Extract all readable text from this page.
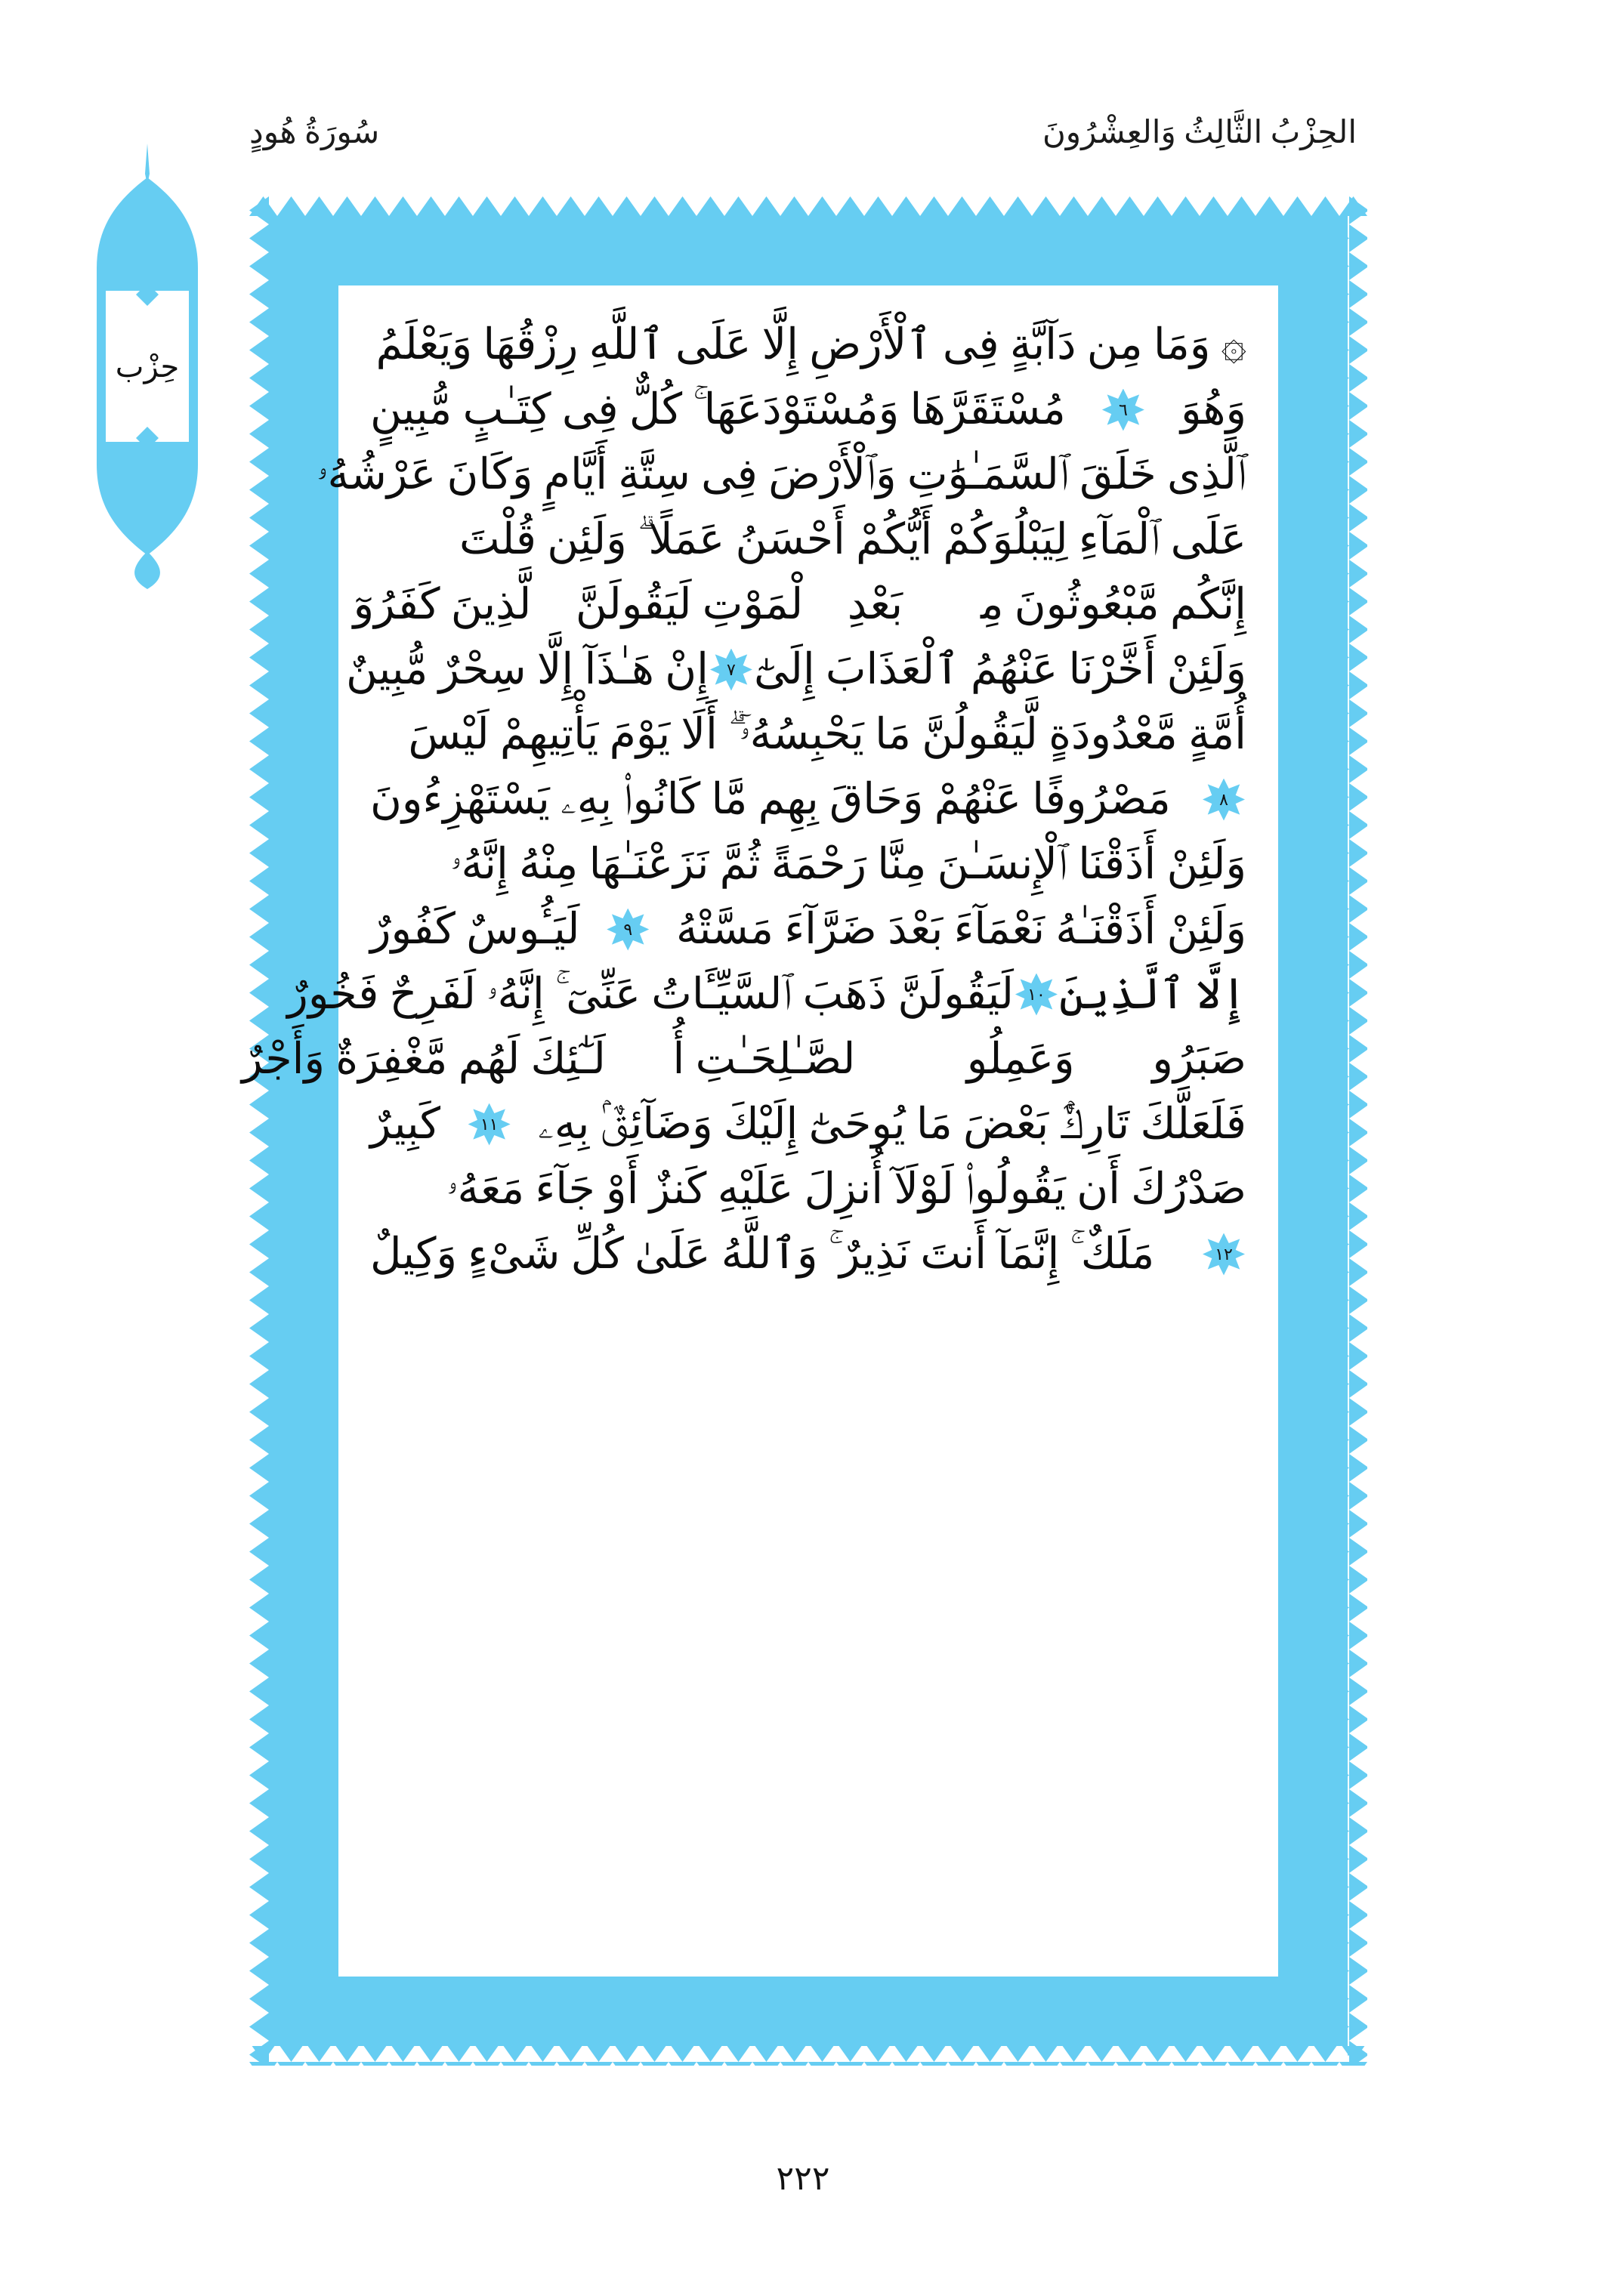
سُورَةُ هُودٍ	الحِزْبُ الثَّالِثُ وَالعِشْرُونَ
حِزْب	۞ وَمَا مِن دَآبَّةٍ فِى ٱلْأَرْضِ إِلَّا عَلَى ٱللَّهِ رِزْقُهَا وَيَعْلَمُ
وَهُوَ
٦
مُسْتَقَرَّهَا وَمُسْتَوْدَعَهَا ۚ كُلٌّ فِى كِتَـٰبٍ مُّبِينٍ
ٱلَّذِى خَلَقَ ٱلسَّمَـٰوَٰتِ وَٱلْأَرْضَ فِى سِتَّةِ أَيَّامٍ وَكَانَ عَرْشُهُۥ
عَلَى ٱلْمَآءِ لِيَبْلُوَكُمْ أَيُّكُمْ أَحْسَنُ عَمَلًا ۗ وَلَئِن قُلْتَ
إِنَّكُم مَّبْعُوثُونَ مِنۢ بَعْدِ ٱلْمَوْتِ لَيَقُولَنَّ ٱلَّذِينَ كَفَرُوٓا۟
وَلَئِنْ أَخَّرْنَا عَنْهُمُ ٱلْعَذَابَ إِلَىٰٓ
٧
إِنْ هَـٰذَآ إِلَّا سِحْرٌ مُّبِينٌ
أُمَّةٍ مَّعْدُودَةٍ لَّيَقُولُنَّ مَا يَحْبِسُهُۥٓ ۗ أَلَا يَوْمَ يَأْتِيهِمْ لَيْسَ
٨
مَصْرُوفًا عَنْهُمْ وَحَاقَ بِهِم مَّا كَانُوا۟ بِهِۦ يَسْتَهْزِءُونَ
وَلَئِنْ أَذَقْنَا ٱلْإِنسَـٰنَ مِنَّا رَحْمَةً ثُمَّ نَزَعْنَـٰهَا مِنْهُ إِنَّهُۥ
وَلَئِنْ أَذَقْنَـٰهُ نَعْمَآءَ بَعْدَ ضَرَّآءَ مَسَّتْهُ
٩
لَيَـُٔوسٌ كَفُورٌ
إِلَّا ٱلَّذِينَ
١٠
لَيَقُولَنَّ ذَهَبَ ٱلسَّيِّـَٔاتُ عَنِّىٓ ۚ إِنَّهُۥ لَفَرِحٌ فَخُورٌ
صَبَرُوا۟ وَعَمِلُوا۟ ٱلصَّـٰلِحَـٰتِ أُو۟لَـٰٓئِكَ لَهُم مَّغْفِرَةٌ وَأَجْرٌ
فَلَعَلَّكَ تَارِكٌۢ بَعْضَ مَا يُوحَىٰٓ إِلَيْكَ وَضَآئِقٌۢ بِهِۦ
١١
كَبِيرٌ
صَدْرُكَ أَن يَقُولُوا۟ لَوْلَآ أُنزِلَ عَلَيْهِ كَنزٌ أَوْ جَآءَ مَعَهُۥ
١٢
مَلَكٌ ۚ إِنَّمَآ أَنتَ نَذِيرٌ ۚ وَٱللَّهُ عَلَىٰ كُلِّ شَىْءٍ وَكِيلٌ
٢٢٢
